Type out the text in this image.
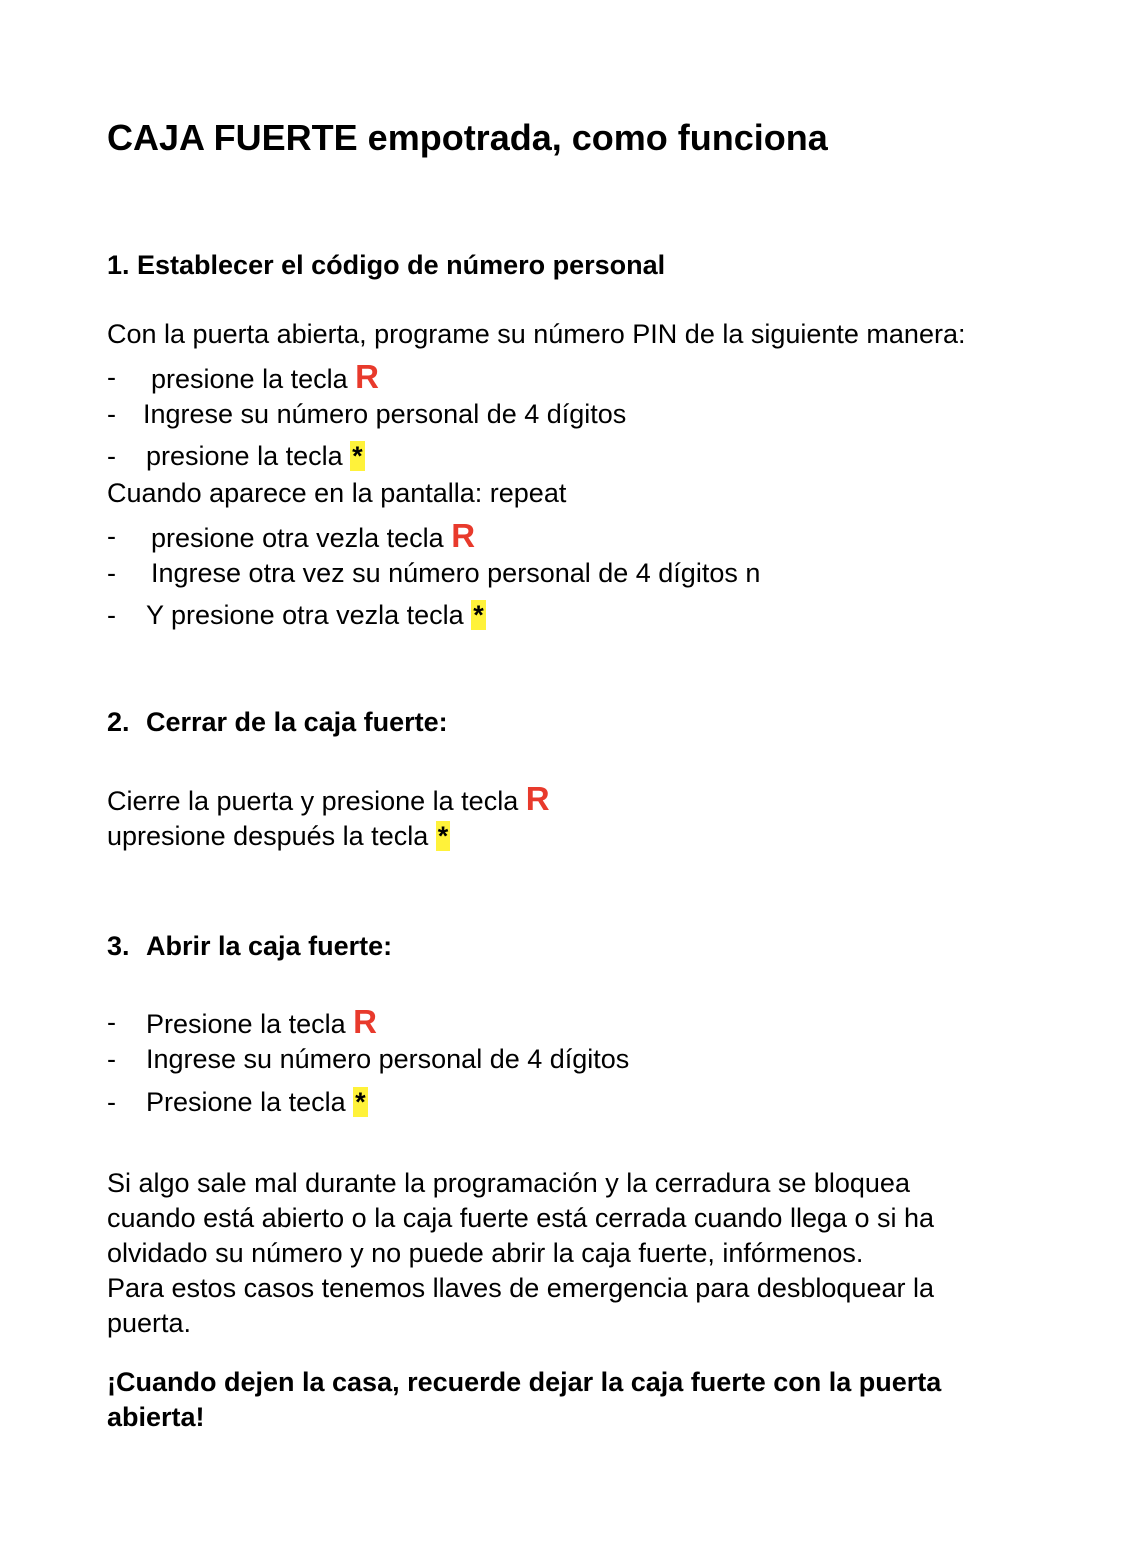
CAJA FUERTE empotrada, como funciona
1. Establecer el código de número personal
Con la puerta abierta, programe su número PIN de la siguiente manera:
- presione la tecla R
- Ingrese su número personal de 4 dígitos
- presione la tecla *
Cuando aparece en la pantalla: repeat
- presione otra vezla tecla R
- Ingrese otra vez su número personal de 4 dígitos n
- Y presione otra vezla tecla *
2. Cerrar de la caja fuerte:
Cierre la puerta y presione la tecla R
upresione después la tecla *
3. Abrir la caja fuerte:
- Presione la tecla R
- Ingrese su número personal de 4 dígitos
- Presione la tecla *
Si algo sale mal durante la programación y la cerradura se bloquea
cuando está abierto o la caja fuerte está cerrada cuando llega o si ha
olvidado su número y no puede abrir la caja fuerte, infórmenos.
Para estos casos tenemos llaves de emergencia para desbloquear la
puerta.
¡Cuando dejen la casa, recuerde dejar la caja fuerte con la puerta
abierta!
